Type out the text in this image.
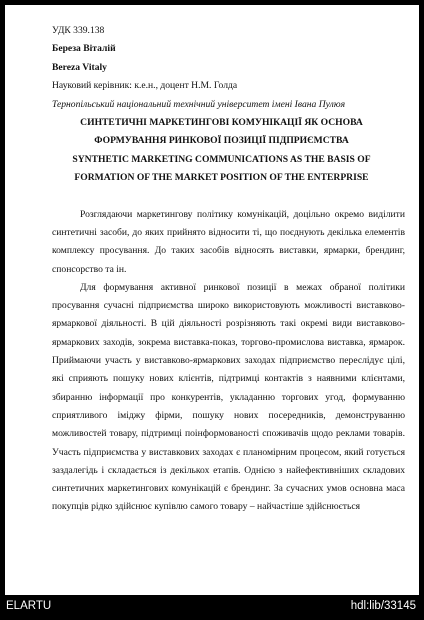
УДК 339.138
Береза Віталій
Bereza Vitaly
Науковий керівник: к.е.н., доцент Н.М. Голда
Тернопільський національний технічний університет імені Івана Пулюя
СИНТЕТИЧНІ МАРКЕТИНГОВІ КОМУНІКАЦІЇ ЯК ОСНОВА
ФОРМУВАННЯ РИНКОВОЇ ПОЗИЦІЇ ПІДПРИЄМСТВА
SYNTHETIC MARKETING COMMUNICATIONS AS THE BASIS OF
FORMATION OF THE MARKET POSITION OF THE ENTERPRISE
Розглядаючи маркетингову політику комунікацій, доцільно окремо виділити синтетичні засоби, до яких прийнято відносити ті, що поєднують декілька елементів комплексу просування. До таких засобів відносять виставки, ярмарки, брендинг, спонсорство та ін.
Для формування активної ринкової позиції в межах обраної політики просування сучасні підприємства широко використовують можливості виставково-ярмаркової діяльності. В цій діяльності розрізняють такі окремі види виставково-ярмаркових заходів, зокрема виставка-показ, торгово-промислова виставка, ярмарок. Приймаючи участь у виставково-ярмаркових заходах підприємство переслідує цілі, які сприяють пошуку нових клієнтів, підтримці контактів з наявними клієнтами, збиранню інформації про конкурентів, укладанню торгових угод, формуванню сприятливого іміджу фірми, пошуку нових посередників, демонструванню можливостей товару, підтримці поінформованості споживачів щодо реклами товарів. Участь підприємства у виставкових заходах є планомірним процесом, який готується заздалегідь і складається із декількох етапів. Однією з найефективніших складових синтетичних маркетингових комунікацій є брендинг. За сучасних умов основна маса покупців рідко здійснює купівлю самого товару – найчастіше здійснюється
ELARTU	hdl:lib/33145
